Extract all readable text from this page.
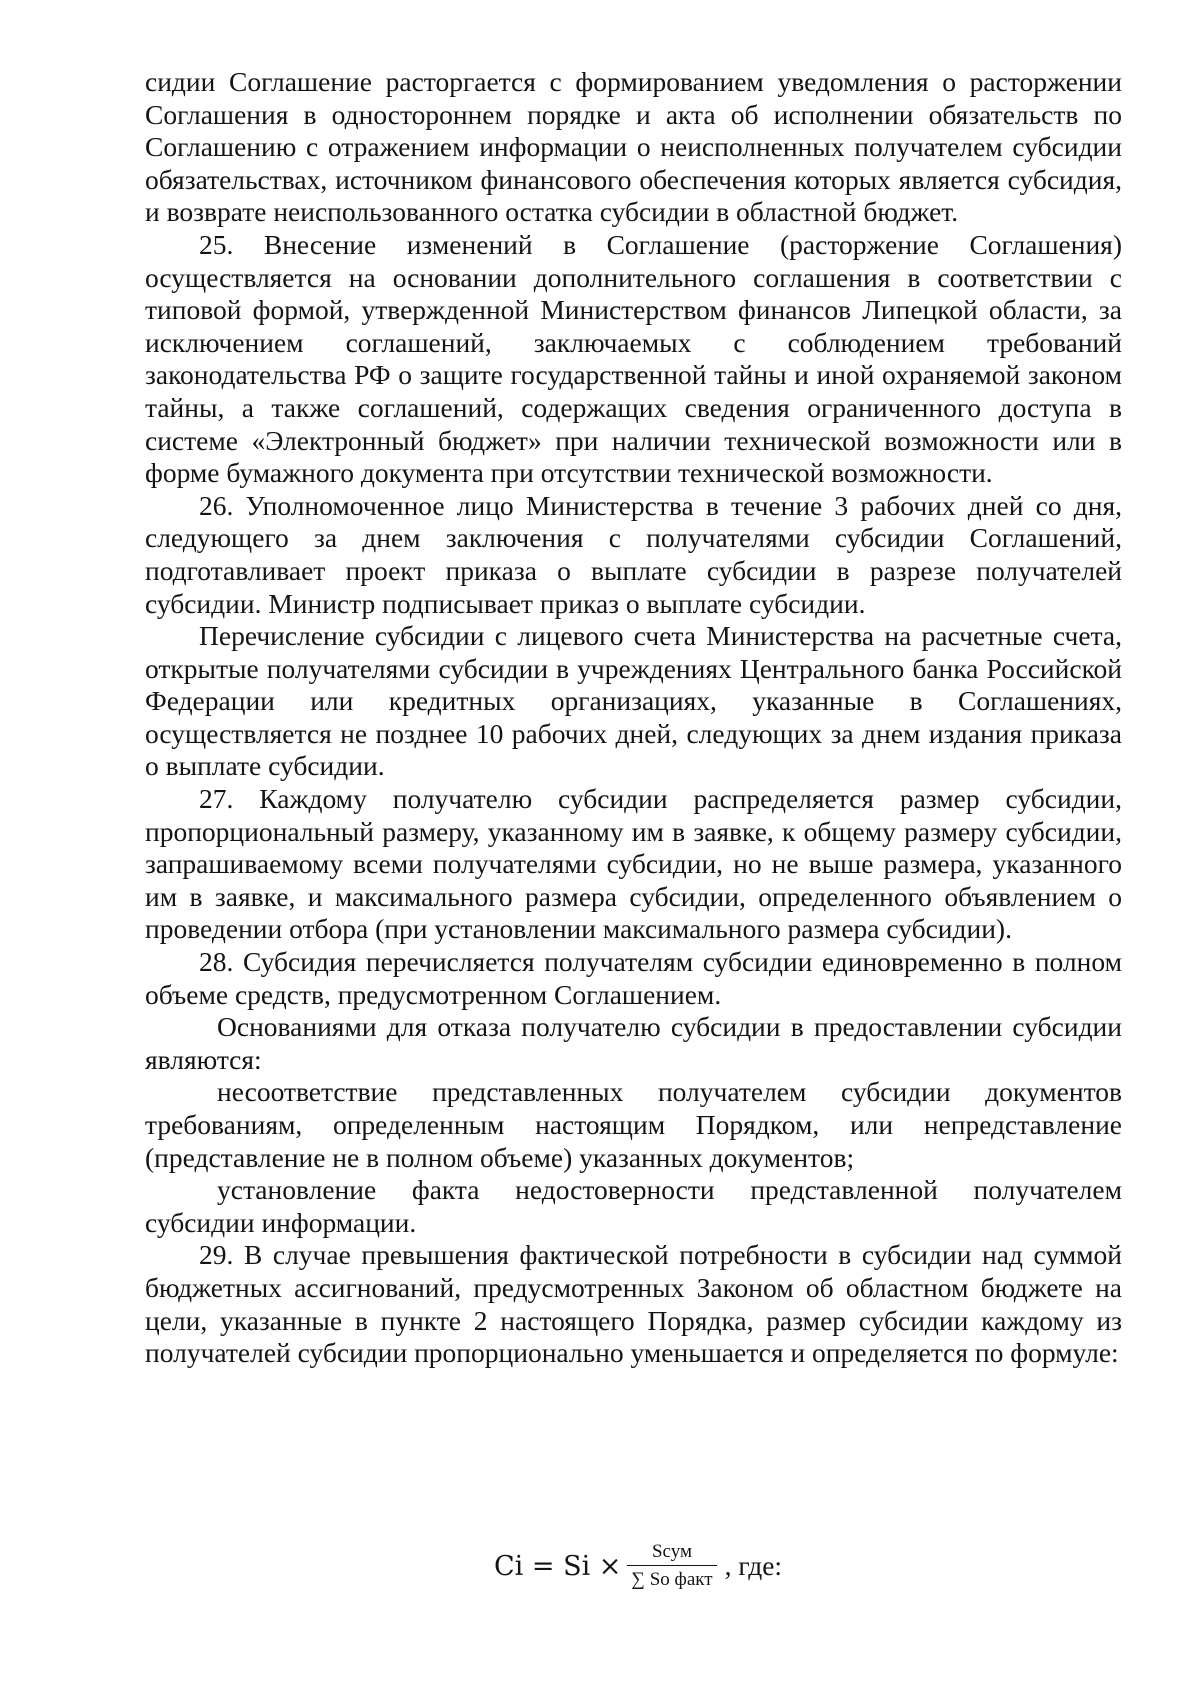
сидии Соглашение расторгается с формированием уведомления о расторжении Соглашения в одностороннем порядке и акта об исполнении обязательств по Соглашению с отражением информации о неисполненных получателем субсидии обязательствах, источником финансового обеспечения которых является субсидия, и возврате неиспользованного остатка субсидии в областной бюджет.

25. Внесение изменений в Соглашение (расторжение Соглашения) осуществляется на основании дополнительного соглашения в соответствии с типовой формой, утвержденной Министерством финансов Липецкой области, за исключением соглашений, заключаемых с соблюдением требований законодательства РФ о защите государственной тайны и иной охраняемой законом тайны, а также соглашений, содержащих сведения ограниченного доступа в системе «Электронный бюджет» при наличии технической возможности или в форме бумажного документа при отсутствии технической возможности.

26. Уполномоченное лицо Министерства в течение 3 рабочих дней со дня, следующего за днем заключения с получателями субсидии Соглашений, подготавливает проект приказа о выплате субсидии в разрезе получателей субсидии. Министр подписывает приказ о выплате субсидии.

Перечисление субсидии с лицевого счета Министерства на расчетные счета, открытые получателями субсидии в учреждениях Центрального банка Российской Федерации или кредитных организациях, указанные в Соглашениях, осуществляется не позднее 10 рабочих дней, следующих за днем издания приказа о выплате субсидии.

27. Каждому получателю субсидии распределяется размер субсидии, пропорциональный размеру, указанному им в заявке, к общему размеру субсидии, запрашиваемому всеми получателями субсидии, но не выше размера, указанного им в заявке, и максимального размера субсидии, определенного объявлением о проведении отбора (при установлении максимального размера субсидии).

28. Субсидия перечисляется получателям субсидии единовременно в полном объеме средств, предусмотренном Соглашением.

Основаниями для отказа получателю субсидии в предоставлении субсидии являются:

несоответствие представленных получателем субсидии документов требованиям, определенным настоящим Порядком, или непредставление (представление не в полном объеме) указанных документов;

установление факта недостоверности представленной получателем субсидии информации.

29. В случае превышения фактической потребности в субсидии над суммой бюджетных ассигнований, предусмотренных Законом об областном бюджете на цели, указанные в пункте 2 настоящего Порядка, размер субсидии каждому из получателей субсидии пропорционально уменьшается и определяется по формуле:

$Ci = Si \times \frac{\text{Sсум}}{\text{∑ So факт}}$ , где:
